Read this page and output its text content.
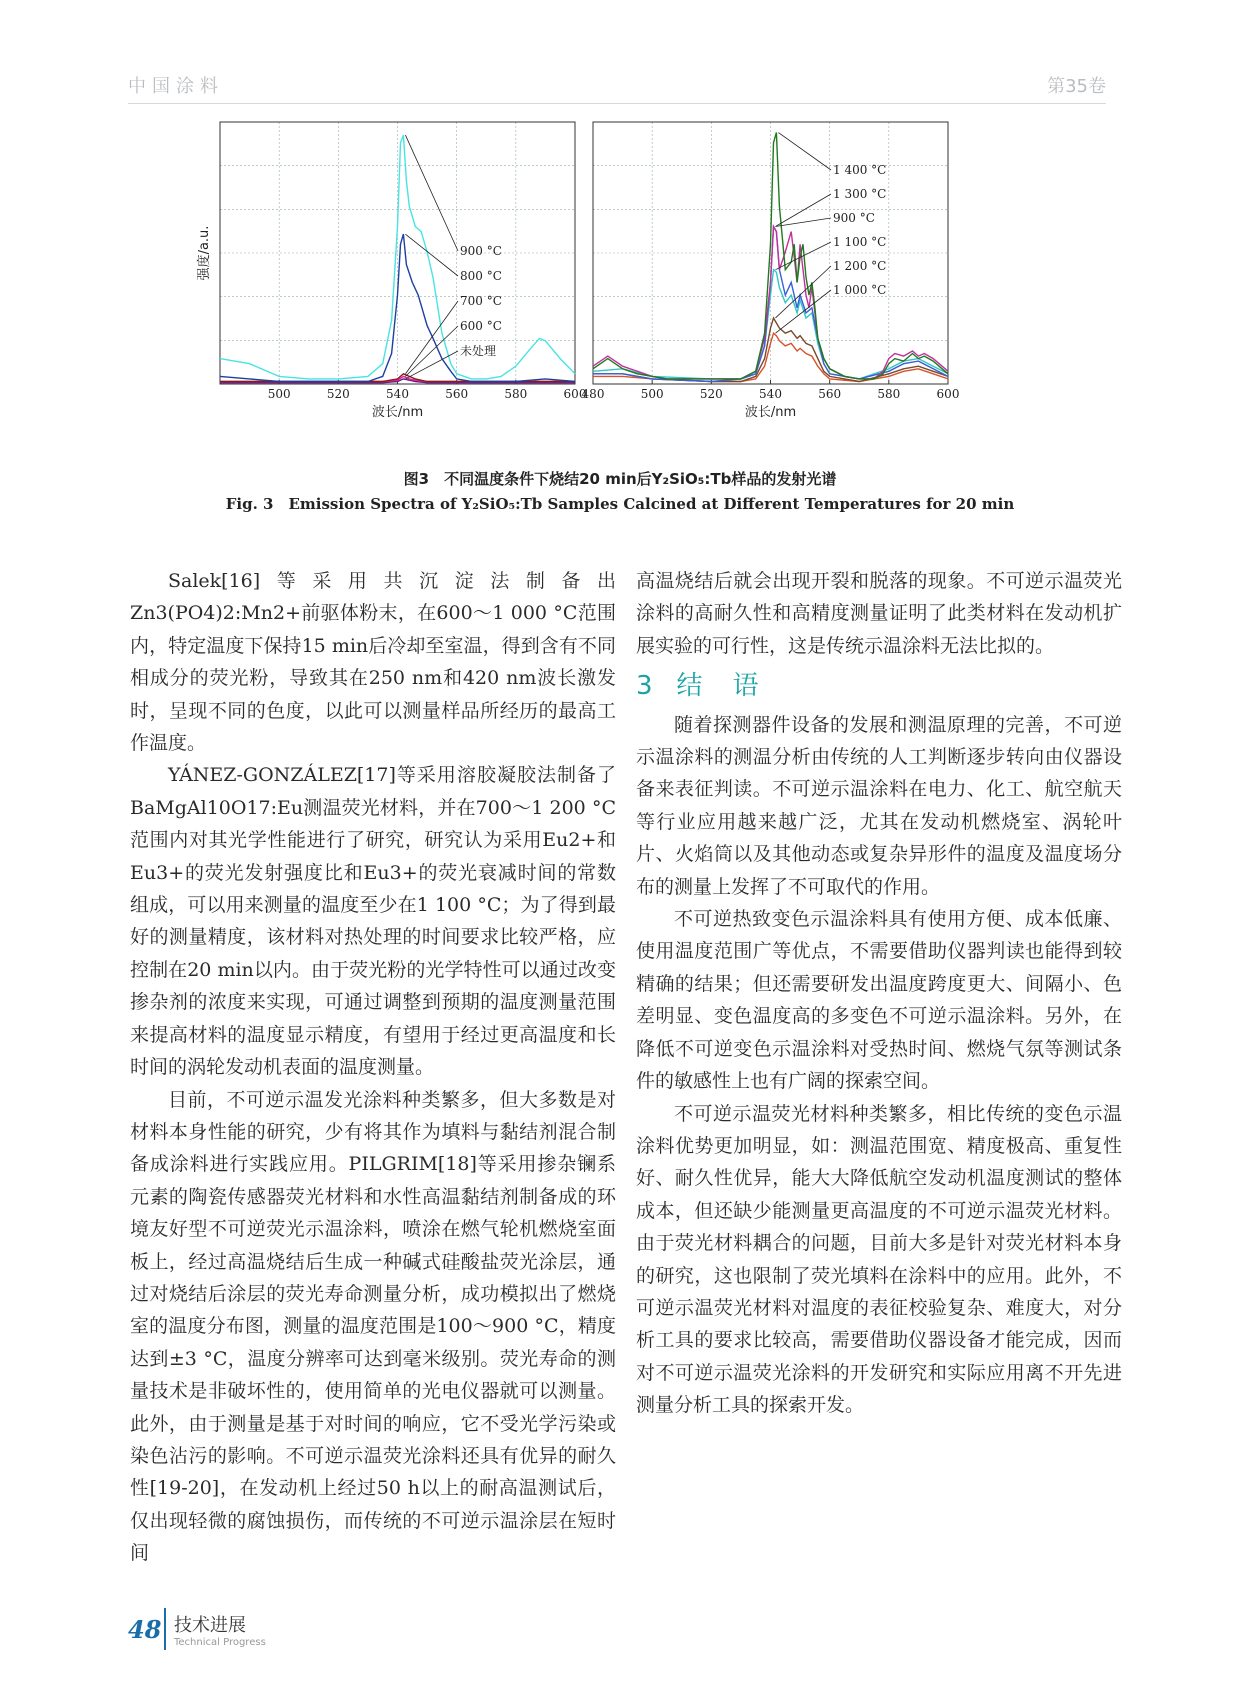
中国涂料	第35卷
500	520	540	560	580	600
波长/nm
强度/a.u.	900 °C
800 °C
700 °C
600 °C
未处理
480	500	520	540	560	580	600
波长/nm
1 400 °C
1 300 °C
900 °C
1 100 °C
1 200 °C
1 000 °C
图3　不同温度条件下烧结20 min后Y₂SiO₅:Tb样品的发射光谱
Fig. 3　Emission Spectra of Y₂SiO₅:Tb Samples Calcined at Different Temperatures for 20 min

Salek[16]等采用共沉淀法制备出Zn3(PO4)2:Mn2+前驱体粉末，在600～1 000 °C范围内，特定温度下保持15 min后冷却至室温，得到含有不同相成分的荧光粉，导致其在250 nm和420 nm波长激发时，呈现不同的色度，以此可以测量样品所经历的最高工作温度。

YÁNEZ-GONZÁLEZ[17]等采用溶胶凝胶法制备了BaMgAl10O17:Eu测温荧光材料，并在700～1 200 °C范围内对其光学性能进行了研究，研究认为采用Eu2+和Eu3+的荧光发射强度比和Eu3+的荧光衰减时间的常数组成，可以用来测量的温度至少在1 100 °C；为了得到最好的测量精度，该材料对热处理的时间要求比较严格，应控制在20 min以内。由于荧光粉的光学特性可以通过改变掺杂剂的浓度来实现，可通过调整到预期的温度测量范围来提高材料的温度显示精度，有望用于经过更高温度和长时间的涡轮发动机表面的温度测量。

目前，不可逆示温发光涂料种类繁多，但大多数是对材料本身性能的研究，少有将其作为填料与黏结剂混合制备成涂料进行实践应用。PILGRIM[18]等采用掺杂镧系元素的陶瓷传感器荧光材料和水性高温黏结剂制备成的环境友好型不可逆荧光示温涂料，喷涂在燃气轮机燃烧室面板上，经过高温烧结后生成一种碱式硅酸盐荧光涂层，通过对烧结后涂层的荧光寿命测量分析，成功模拟出了燃烧室的温度分布图，测量的温度范围是100～900 °C，精度达到±3 °C，温度分辨率可达到毫米级别。荧光寿命的测量技术是非破坏性的，使用简单的光电仪器就可以测量。此外，由于测量是基于对时间的响应，它不受光学污染或染色沾污的影响。不可逆示温荧光涂料还具有优异的耐久性[19-20]，在发动机上经过50 h以上的耐高温测试后，仅出现轻微的腐蚀损伤，而传统的不可逆示温涂层在短时间

高温烧结后就会出现开裂和脱落的现象。不可逆示温荧光涂料的高耐久性和高精度测量证明了此类材料在发动机扩展实验的可行性，这是传统示温涂料无法比拟的。

3 结　语

随着探测器件设备的发展和测温原理的完善，不可逆示温涂料的测温分析由传统的人工判断逐步转向由仪器设备来表征判读。不可逆示温涂料在电力、化工、航空航天等行业应用越来越广泛，尤其在发动机燃烧室、涡轮叶片、火焰筒以及其他动态或复杂异形件的温度及温度场分布的测量上发挥了不可取代的作用。

不可逆热致变色示温涂料具有使用方便、成本低廉、使用温度范围广等优点，不需要借助仪器判读也能得到较精确的结果；但还需要研发出温度跨度更大、间隔小、色差明显、变色温度高的多变色不可逆示温涂料。另外，在降低不可逆变色示温涂料对受热时间、燃烧气氛等测试条件的敏感性上也有广阔的探索空间。

不可逆示温荧光材料种类繁多，相比传统的变色示温涂料优势更加明显，如：测温范围宽、精度极高、重复性好、耐久性优异，能大大降低航空发动机温度测试的整体成本，但还缺少能测量更高温度的不可逆示温荧光材料。由于荧光材料耦合的问题，目前大多是针对荧光材料本身的研究，这也限制了荧光填料在涂料中的应用。此外，不可逆示温荧光材料对温度的表征校验复杂、难度大，对分析工具的要求比较高，需要借助仪器设备才能完成，因而对不可逆示温荧光涂料的开发研究和实际应用离不开先进测量分析工具的探索开发。

48 技术进展
Technical Progress
